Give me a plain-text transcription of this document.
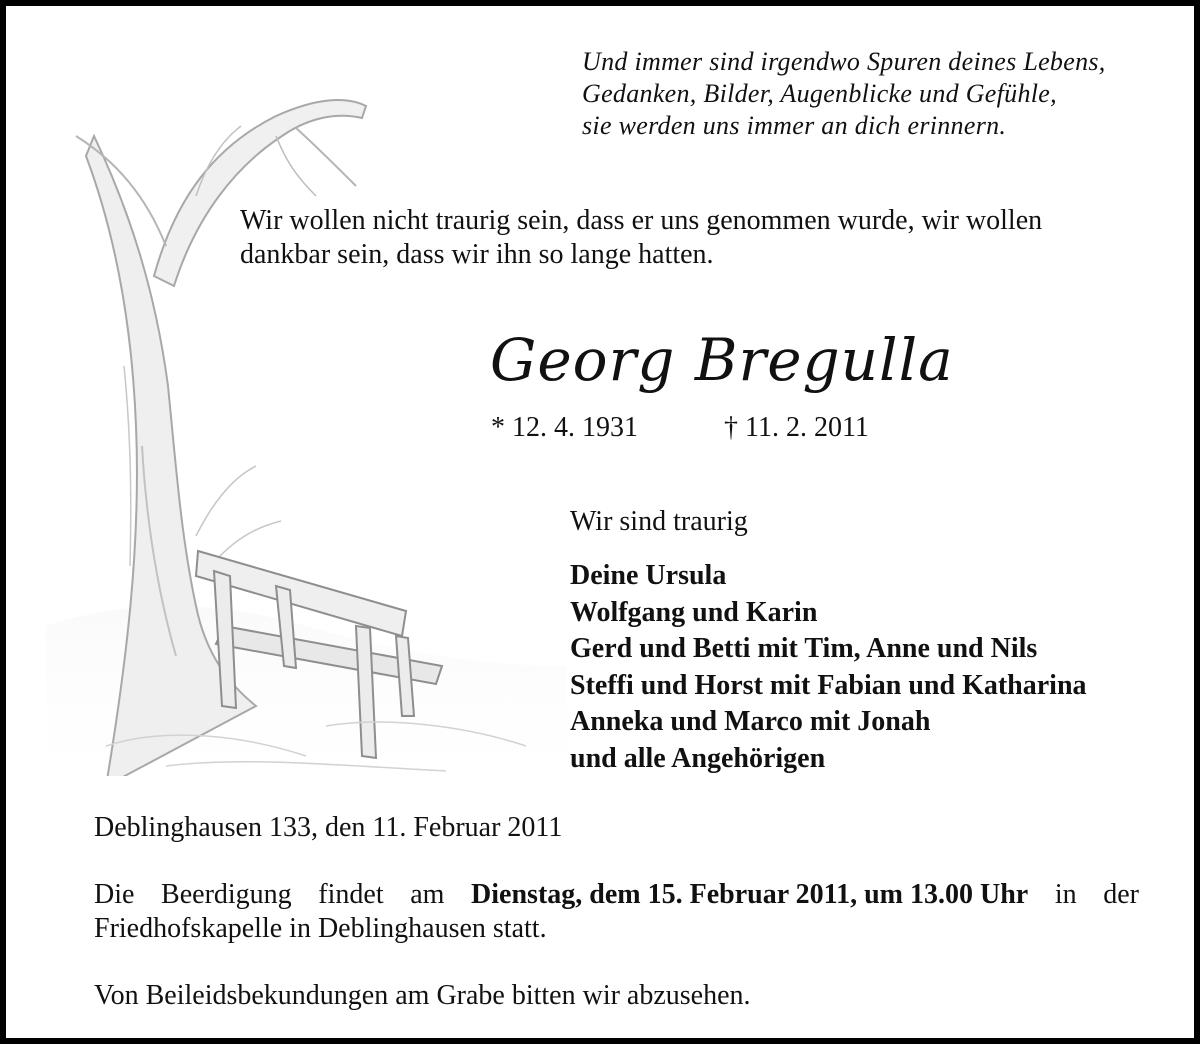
Und immer sind irgendwo Spuren deines Lebens,
Gedanken, Bilder, Augenblicke und Gefühle,
sie werden uns immer an dich erinnern.
Wir wollen nicht traurig sein, dass er uns genommen wurde, wir wollen
dankbar sein, dass wir ihn so lange hatten.
Georg Bregulla
* 12. 4. 1931	† 11. 2. 2011
Wir sind traurig
Deine Ursula
Wolfgang und Karin
Gerd und Betti mit Tim, Anne und Nils
Steffi und Horst mit Fabian und Katharina
Anneka und Marco mit Jonah
und alle Angehörigen
Deblinghausen 133, den 11. Februar 2011
Die Beerdigung findet am Dienstag, dem 15. Februar 2011, um 13.00 Uhr in der
Friedhofskapelle in Deblinghausen statt.
Von Beileidsbekundungen am Grabe bitten wir abzusehen.
